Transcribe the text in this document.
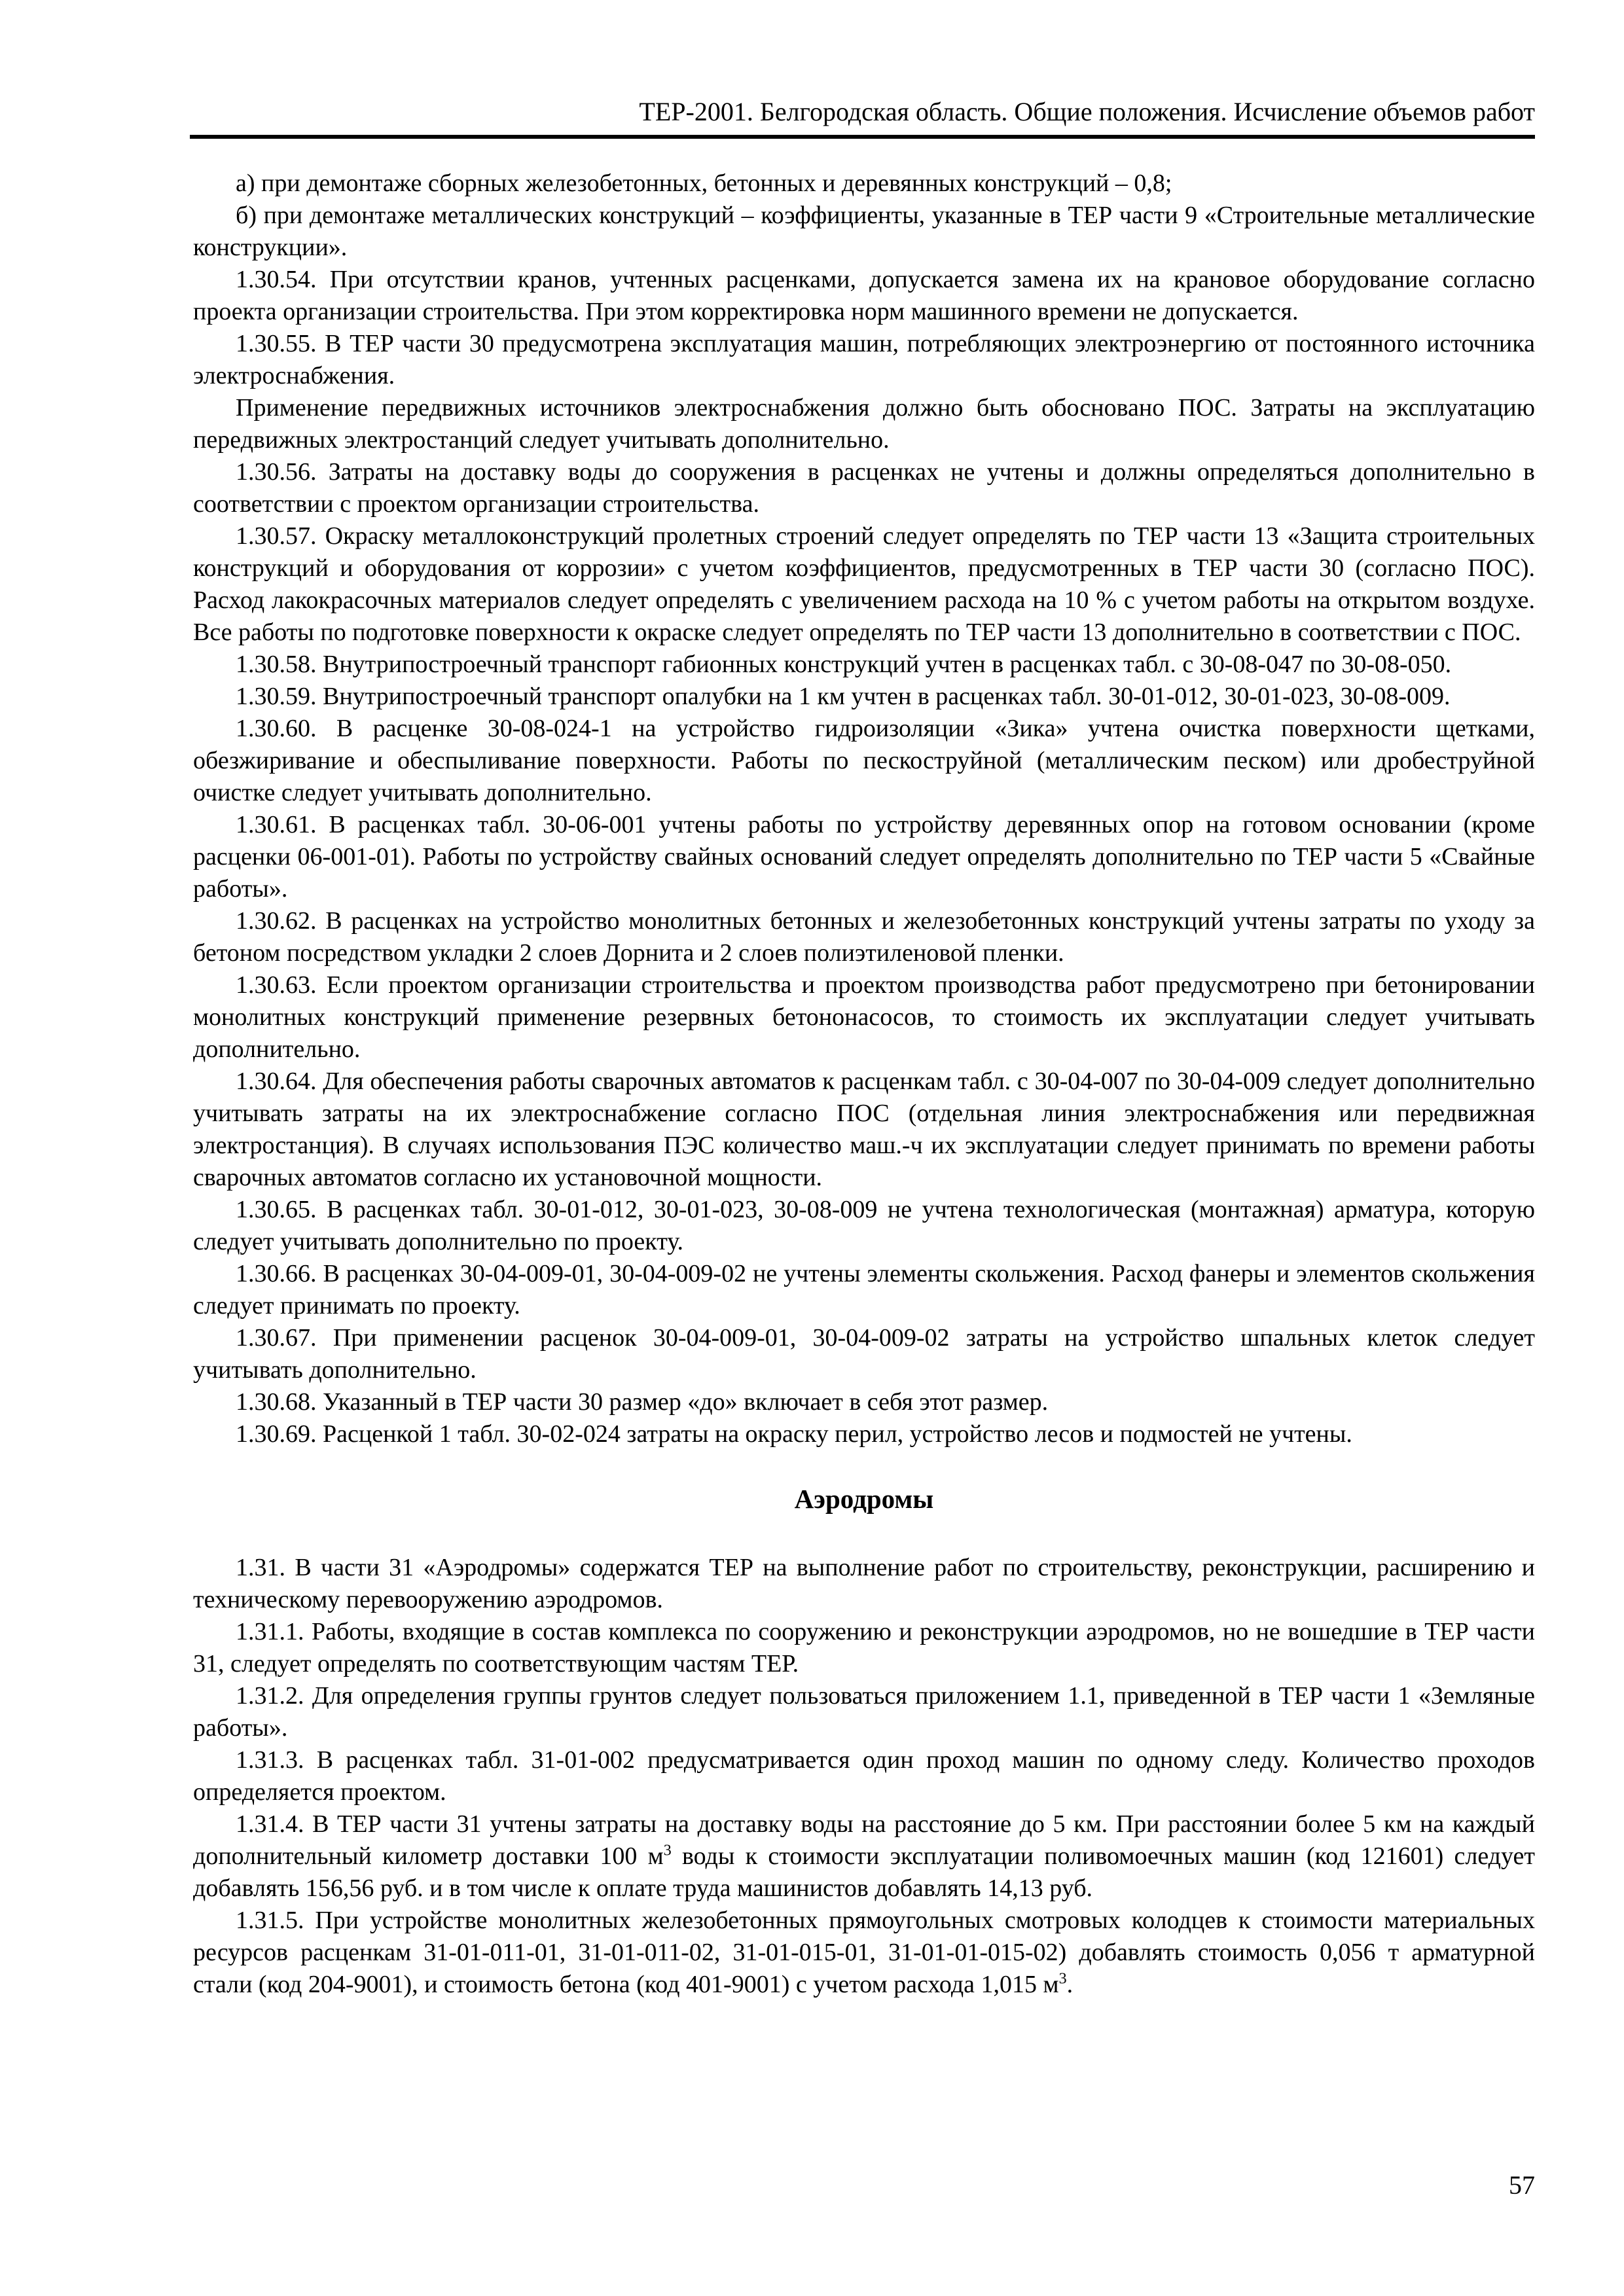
ТЕР-2001. Белгородская область. Общие положения. Исчисление объемов работ

а) при демонтаже сборных железобетонных, бетонных и деревянных конструкций – 0,8;

б) при демонтаже металлических конструкций – коэффициенты, указанные в ТЕР части 9 «Строительные металлические конструкции».

1.30.54. При отсутствии кранов, учтенных расценками, допускается замена их на крановое оборудование согласно проекта организации строительства. При этом корректировка норм машинного времени не допускается.

1.30.55. В ТЕР части 30 предусмотрена эксплуатация машин, потребляющих электроэнергию от постоянного источника электроснабжения.

Применение передвижных источников электроснабжения должно быть обосновано ПОС. Затраты на эксплуатацию передвижных электростанций следует учитывать дополнительно.

1.30.56. Затраты на доставку воды до сооружения в расценках не учтены и должны определяться дополнительно в соответствии с проектом организации строительства.

1.30.57. Окраску металлоконструкций пролетных строений следует определять по ТЕР части 13 «Защита строительных конструкций и оборудования от коррозии» с учетом коэффициентов, предусмотренных в ТЕР части 30 (согласно ПОС). Расход лакокрасочных материалов следует определять с увеличением расхода на 10 % с учетом работы на открытом воздухе. Все работы по подготовке поверхности к окраске следует определять по ТЕР части 13 дополнительно в соответствии с ПОС.

1.30.58. Внутрипостроечный транспорт габионных конструкций учтен в расценках табл. с 30-08-047 по 30-08-050.

1.30.59. Внутрипостроечный транспорт опалубки на 1 км учтен в расценках табл. 30-01-012, 30-01-023, 30-08-009.

1.30.60. В расценке 30-08-024-1 на устройство гидроизоляции «Зика» учтена очистка поверхности щетками, обезжиривание и обеспыливание поверхности. Работы по пескоструйной (металлическим песком) или дробеструйной очистке следует учитывать дополнительно.

1.30.61. В расценках табл. 30-06-001 учтены работы по устройству деревянных опор на готовом основании (кроме расценки 06-001-01). Работы по устройству свайных оснований следует определять дополнительно по ТЕР части 5 «Свайные работы».

1.30.62. В расценках на устройство монолитных бетонных и железобетонных конструкций учтены затраты по уходу за бетоном посредством укладки 2 слоев Дорнита и 2 слоев полиэтиленовой пленки.

1.30.63. Если проектом организации строительства и проектом производства работ предусмотрено при бетонировании монолитных конструкций применение резервных бетононасосов, то стоимость их эксплуатации следует учитывать дополнительно.

1.30.64. Для обеспечения работы сварочных автоматов к расценкам табл. с 30-04-007 по 30-04-009 следует дополнительно учитывать затраты на их электроснабжение согласно ПОС (отдельная линия электроснабжения или передвижная электростанция). В случаях использования ПЭС количество маш.-ч их эксплуатации следует принимать по времени работы сварочных автоматов согласно их установочной мощности.

1.30.65. В расценках табл. 30-01-012, 30-01-023, 30-08-009 не учтена технологическая (монтажная) арматура, которую следует учитывать дополнительно по проекту.

1.30.66. В расценках 30-04-009-01, 30-04-009-02 не учтены элементы скольжения. Расход фанеры и элементов скольжения следует принимать по проекту.

1.30.67. При применении расценок 30-04-009-01, 30-04-009-02 затраты на устройство шпальных клеток следует учитывать дополнительно.

1.30.68. Указанный в ТЕР части 30 размер «до» включает в себя этот размер.

1.30.69. Расценкой 1 табл. 30-02-024 затраты на окраску перил, устройство лесов и подмостей не учтены.

Аэродромы

1.31. В части 31 «Аэродромы» содержатся ТЕР на выполнение работ по строительству, реконструкции, расширению и техническому перевооружению аэродромов.

1.31.1. Работы, входящие в состав комплекса по сооружению и реконструкции аэродромов, но не вошедшие в ТЕР части 31, следует определять по соответствующим частям ТЕР.

1.31.2. Для определения группы грунтов следует пользоваться приложением 1.1, приведенной в ТЕР части 1 «Земляные работы».

1.31.3. В расценках табл. 31-01-002 предусматривается один проход машин по одному следу. Количество проходов определяется проектом.

1.31.4. В ТЕР части 31 учтены затраты на доставку воды на расстояние до 5 км. При расстоянии более 5 км на каждый дополнительный километр доставки 100 $м^3$ воды к стоимости эксплуатации поливомоечных машин (код 121601) следует добавлять 156,56 руб. и в том числе к оплате труда машинистов добавлять 14,13 руб.

1.31.5. При устройстве монолитных железобетонных прямоугольных смотровых колодцев к стоимости материальных ресурсов расценкам 31-01-011-01, 31-01-011-02, 31-01-015-01, 31-01-01-015-02) добавлять стоимость 0,056 т арматурной стали (код 204-9001), и стоимость бетона (код 401-9001) с учетом расхода 1,015 $м^3$.

57
